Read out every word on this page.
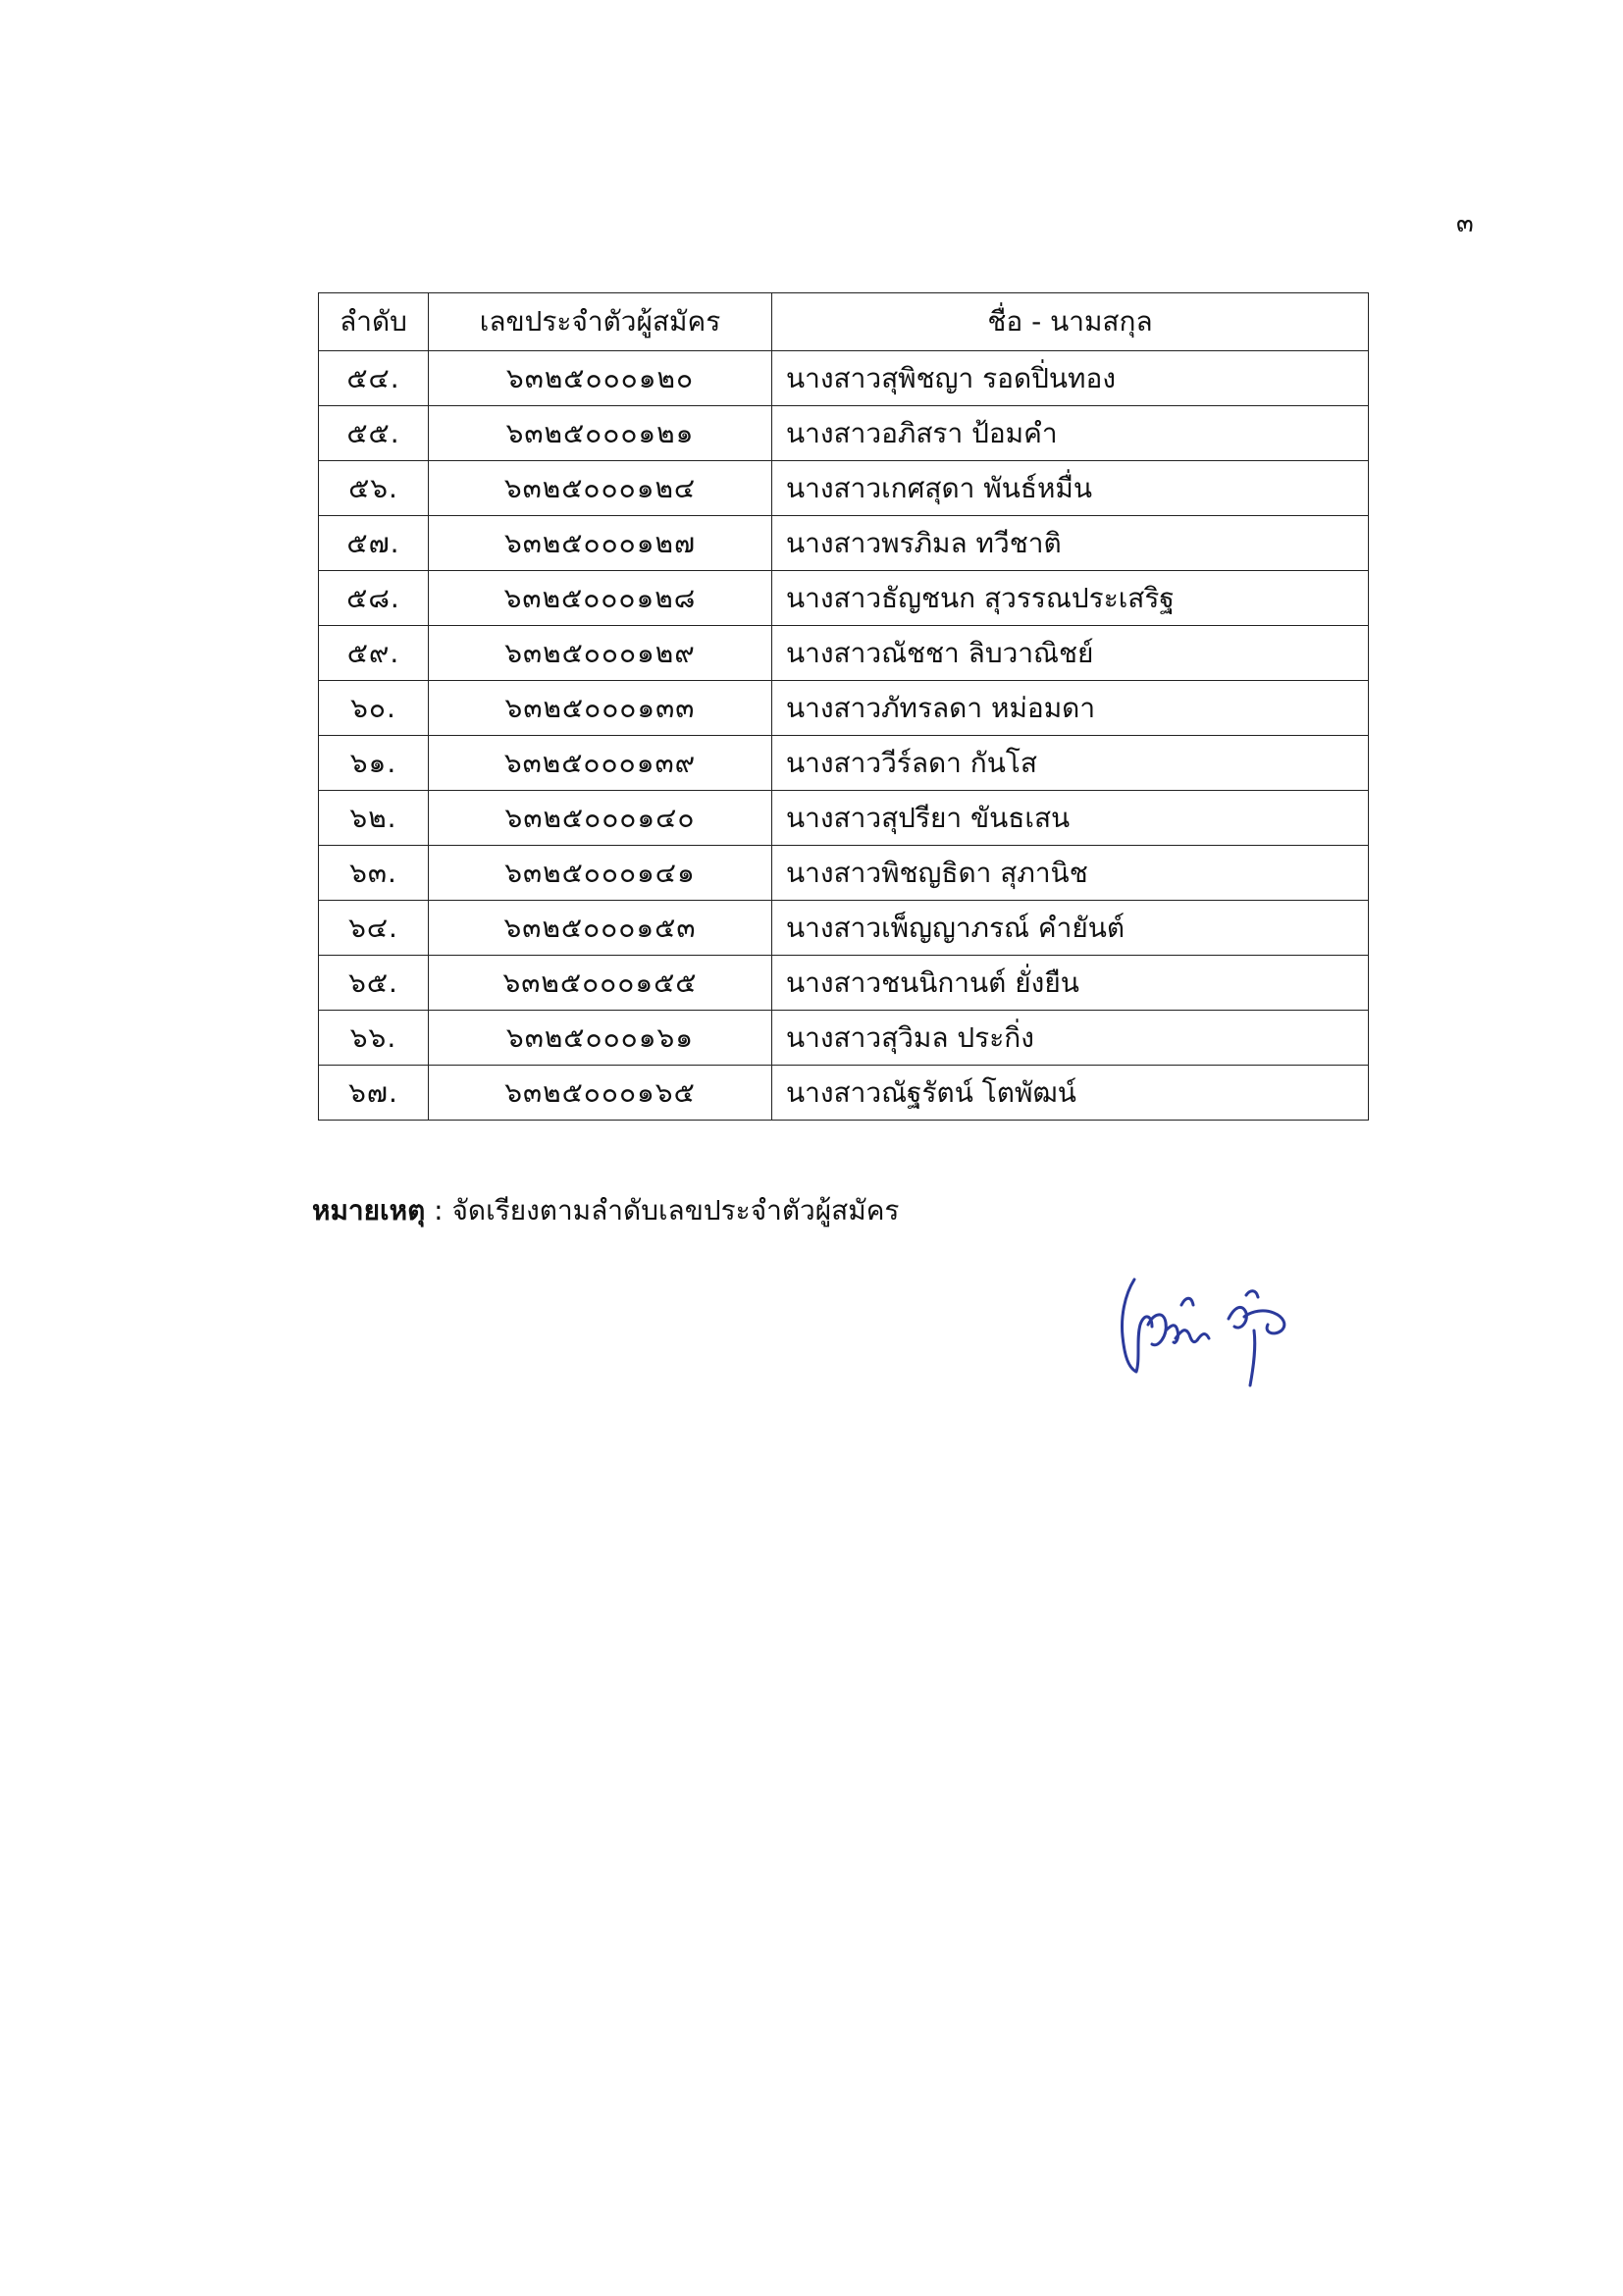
๓
ลำดับ	เลขประจำตัวผู้สมัคร	ชื่อ - นามสกุล
๕๔.	๖๓๒๕๐๐๐๑๒๐	นางสาวสุพิชญา รอดปิ่นทอง
๕๕.	๖๓๒๕๐๐๐๑๒๑	นางสาวอภิสรา ป้อมคำ
๕๖.	๖๓๒๕๐๐๐๑๒๔	นางสาวเกศสุดา พันธ์หมื่น
๕๗.	๖๓๒๕๐๐๐๑๒๗	นางสาวพรภิมล ทวีชาติ
๕๘.	๖๓๒๕๐๐๐๑๒๘	นางสาวธัญชนก สุวรรณประเสริฐ
๕๙.	๖๓๒๕๐๐๐๑๒๙	นางสาวณัชชา ลิบวาณิชย์
๖๐.	๖๓๒๕๐๐๐๑๓๓	นางสาวภัทรลดา หม่อมดา
๖๑.	๖๓๒๕๐๐๐๑๓๙	นางสาววีร์ลดา กันโส
๖๒.	๖๓๒๕๐๐๐๑๔๐	นางสาวสุปรียา ขันธเสน
๖๓.	๖๓๒๕๐๐๐๑๔๑	นางสาวพิชญธิดา สุภานิช
๖๔.	๖๓๒๕๐๐๐๑๕๓	นางสาวเพ็ญญาภรณ์ คำยันต์
๖๕.	๖๓๒๕๐๐๐๑๕๕	นางสาวชนนิกานต์ ยั่งยืน
๖๖.	๖๓๒๕๐๐๐๑๖๑	นางสาวสุวิมล ประกิ่ง
๖๗.	๖๓๒๕๐๐๐๑๖๕	นางสาวณัฐรัตน์ โตพัฒน์
หมายเหตุ : จัดเรียงตามลำดับเลขประจำตัวผู้สมัคร
